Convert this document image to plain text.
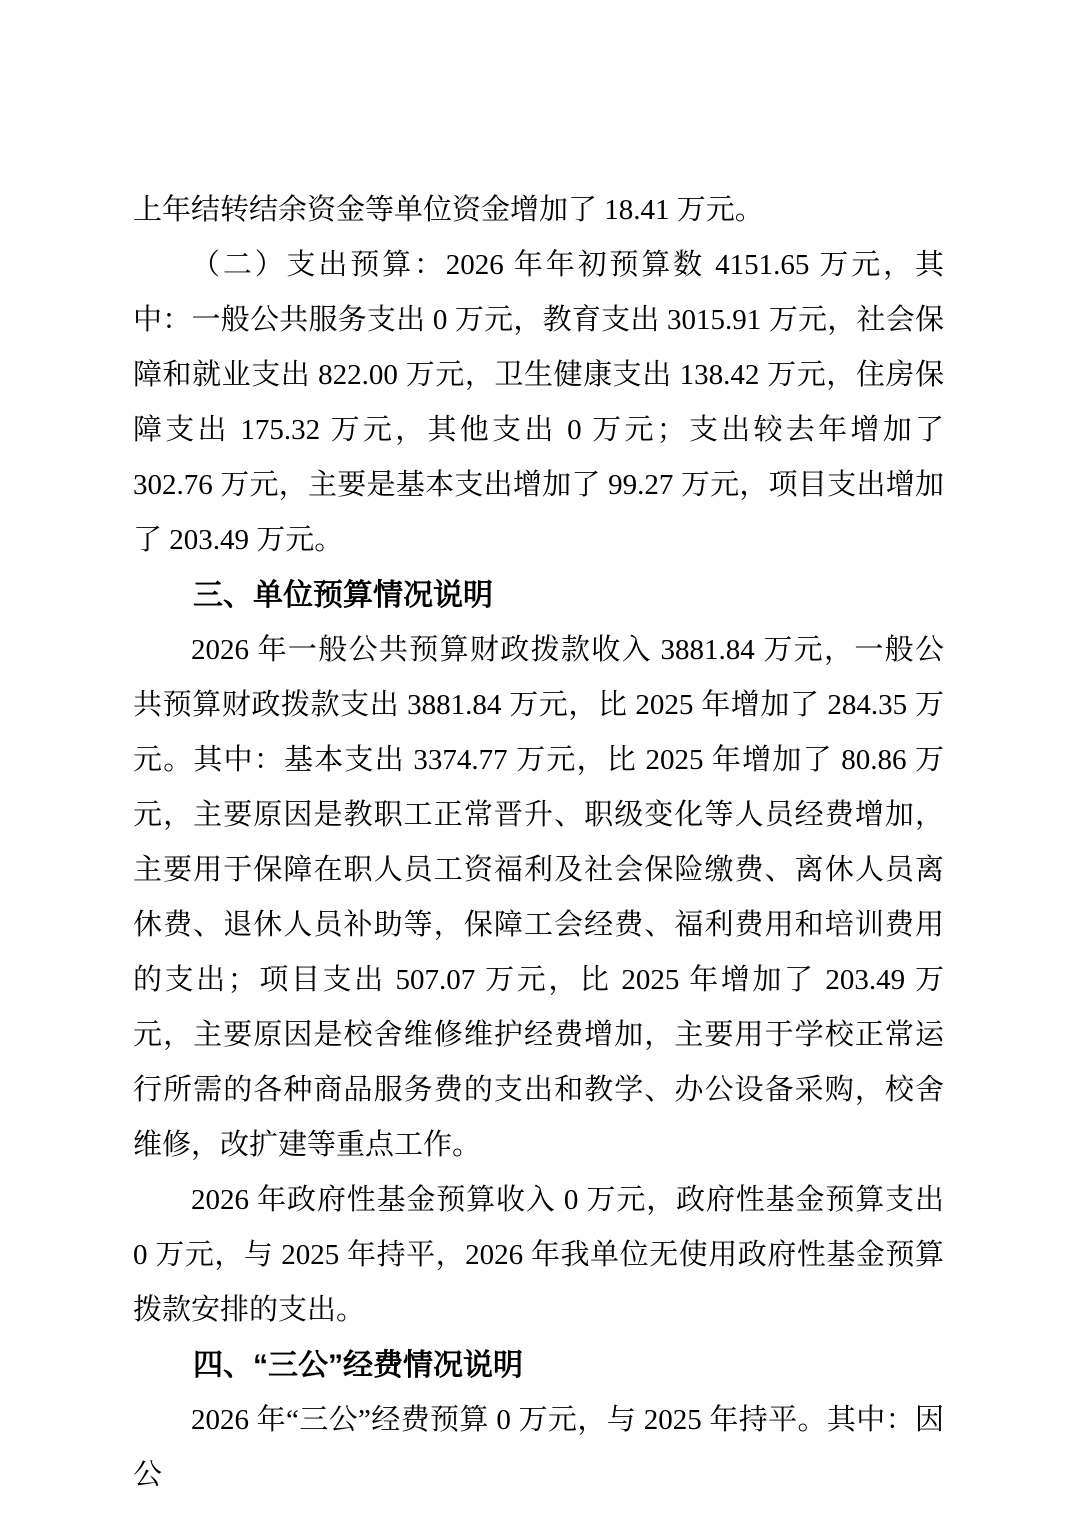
上年结转结余资金等单位资金增加了 18.41 万元。

（二）支出预算：2026 年年初预算数 4151.65 万元，其中：一般公共服务支出 0 万元，教育支出 3015.91 万元，社会保障和就业支出 822.00 万元，卫生健康支出 138.42 万元，住房保障支出 175.32 万元，其他支出 0 万元；支出较去年增加了 302.76 万元，主要是基本支出增加了 99.27 万元，项目支出增加了 203.49 万元。

三、单位预算情况说明

2026 年一般公共预算财政拨款收入 3881.84 万元，一般公共预算财政拨款支出 3881.84 万元，比 2025 年增加了 284.35 万元。其中：基本支出 3374.77 万元，比 2025 年增加了 80.86 万元，主要原因是教职工正常晋升、职级变化等人员经费增加，主要用于保障在职人员工资福利及社会保险缴费、离休人员离休费、退休人员补助等，保障工会经费、福利费用和培训费用的支出；项目支出 507.07 万元，比 2025 年增加了 203.49 万元，主要原因是校舍维修维护经费增加，主要用于学校正常运行所需的各种商品服务费的支出和教学、办公设备采购，校舍维修，改扩建等重点工作。

2026 年政府性基金预算收入 0 万元，政府性基金预算支出 0 万元，与 2025 年持平，2026 年我单位无使用政府性基金预算拨款安排的支出。

四、“三公”经费情况说明

2026 年“三公”经费预算 0 万元，与 2025 年持平。其中：因公
